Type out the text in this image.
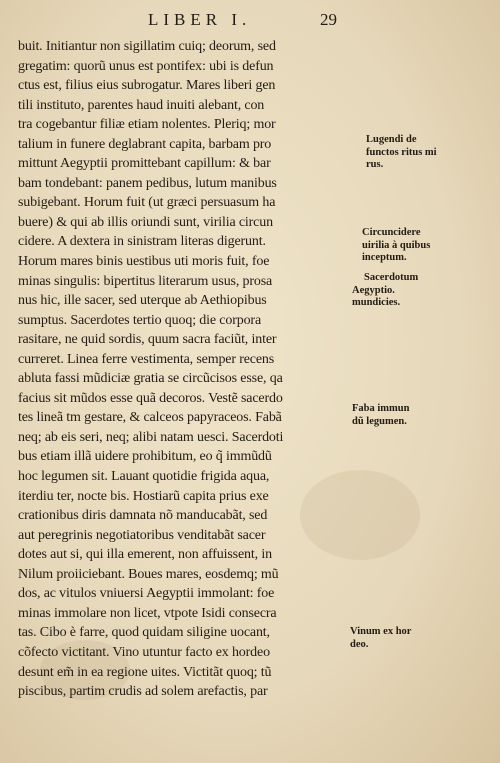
LIBER I.	29
buit. Initiantur non sigillatim cuiq; deorum, sed
gregatim: quorũ unus est pontifex: ubi is defun
ctus est, filius eius subrogatur. Mares liberi gen
tili instituto, parentes haud inuiti alebant, con
tra cogebantur filiæ etiam nolentes. Pleriq; mor
talium in funere deglabrant capita, barbam pro
mittunt Aegyptii promittebant capillum: & bar
bam tondebant: panem pedibus, lutum manibus
subigebant. Horum fuit (ut græci persuasum ha
buere) & qui ab illis oriundi sunt, virilia circun
cidere. A dextera in sinistram literas digerunt.
Horum mares binis uestibus uti moris fuit, foe
minas singulis: bipertitus literarum usus, prosa
nus hic, ille sacer, sed uterque ab Aethiopibus
sumptus. Sacerdotes tertio quoq; die corpora
rasitare, ne quid sordis, quum sacra faciũt, inter
curreret. Linea ferre vestimenta, semper recens
abluta fassi mũdiciæ gratia se circũcisos esse, qa
facius sit mũdos esse quã decoros. Vestẽ sacerdo
tes lineã tm gestare, & calceos papyraceos. Fabã
neq; ab eis seri, neq; alibi natam uesci. Sacerdoti
bus etiam illã uidere prohibitum, eo q̃ immũdũ
hoc legumen sit. Lauant quotidie frigida aqua,
iterdiu ter, nocte bis. Hostiarũ capita prius exe
crationibus diris damnata nõ manducabãt, sed
aut peregrinis negotiatoribus venditabãt sacer
dotes aut si, qui illa emerent, non affuissent, in
Nilum proiiciebant. Boues mares, eosdemq; mũ
dos, ac vitulos vniuersi Aegyptii immolant: foe
minas immolare non licet, vtpote Isidi consecra
tas. Cibo è farre, quod quidam siligine uocant,
cõfecto victitant. Vino utuntur facto ex hordeo
desunt em̃ in ea regione uites. Victitãt quoq; tũ
piscibus, partim crudis ad solem arefactis, par
Lugendi de
functos ritus mi
rus.
Circuncidere
uirilia à quibus
inceptum.
Sacerdotum
Aegyptio.
mundicies.
Faba immun
dũ legumen.
Vinum ex hor
deo.
